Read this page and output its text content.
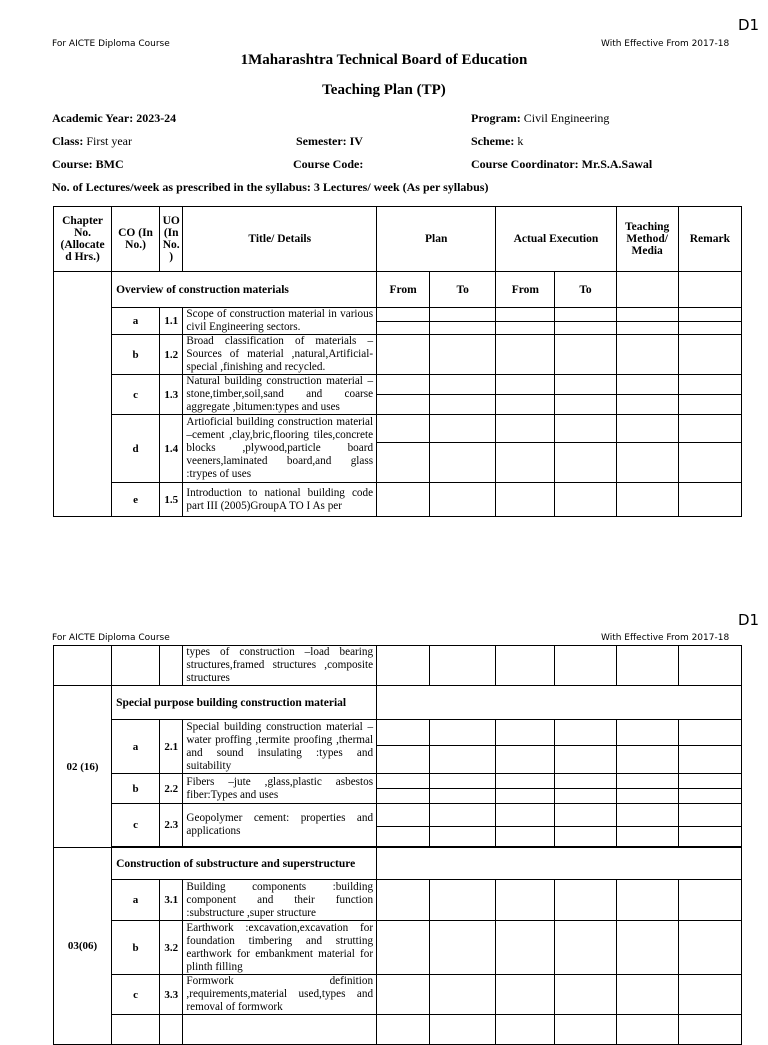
D1
For AICTE Diploma Course	With Effective From 2017-18
1Maharashtra Technical Board of Education
Teaching Plan (TP)
Academic Year: 2023-24	Program: Civil Engineering
Class: First year	Semester: IV	Scheme: k
Course: BMC	Course Code:	Course Coordinator: Mr.S.A.Sawal
No. of Lectures/week as prescribed in the syllabus: 3 Lectures/ week (As per syllabus)
Chapter No. (Allocate d Hrs.)	CO (In No.)	UO (In No. )	Title/ Details	Plan		Actual Execution		Teaching Method/ Media	Remark
	Overview of construction materials			From	To	From	To		
	a	1.1	Scope of construction material in various civil Engineering sectors.						

	b	1.2	Broad classification of materials – Sources of material ,natural,Artificial-special ,finishing and recycled.						
	c	1.3	Natural building construction material –stone,timber,soil,sand and coarse aggregate ,bitumen:types and uses						

	d	1.4	Artioficial building construction material –cement ,clay,bric,flooring tiles,concrete blocks ,plywood,particle board veeners,laminated board,and glass :trypes of uses						

	e	1.5	Introduction to national building code part III (2005)GroupA TO I As per						

D1
For AICTE Diploma Course	With Effective From 2017-18
			types of construction –load bearing structures,framed structures ,composite structures						
02 (16)	Special purpose building construction material								
	a	2.1	Special building construction material –water proffing ,termite proofing ,thermal and sound insulating :types and suitability						

	b	2.2	Fibers –jute ,glass,plastic asbestos fiber:Types and uses						

	c	2.3	Geopolymer cement: properties and applications						

03(06)	Construction of substructure and superstructure								
	a	3.1	Building components :building component and their function :substructure ,super structure						
	b	3.2	Earthwork :excavation,excavation for foundation timbering and strutting earthwork for embankment material for plinth filling						
	c	3.3	Formwork definition ,requirements,material used,types and removal of formwork						
